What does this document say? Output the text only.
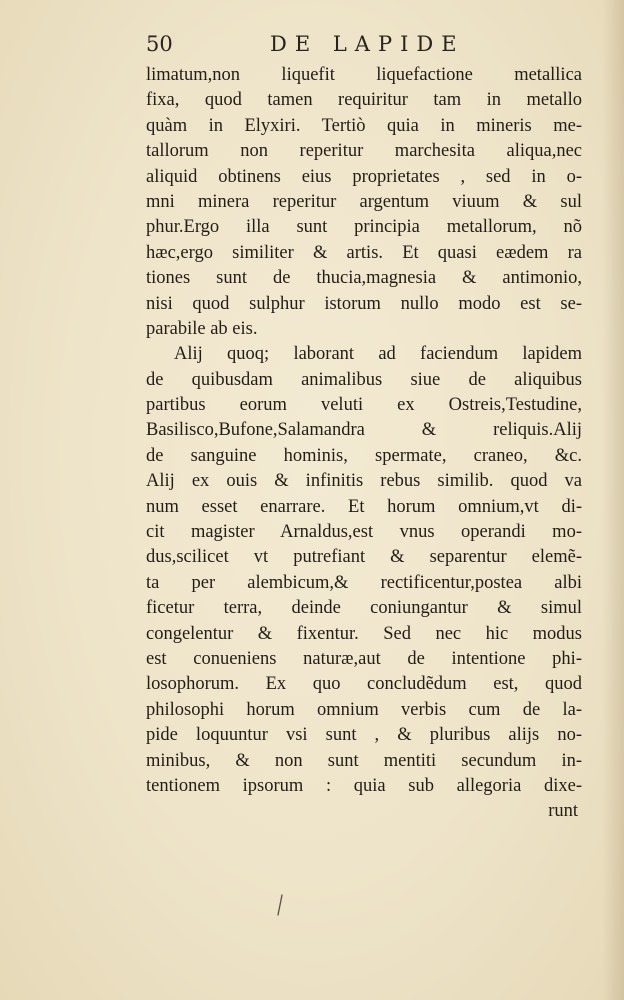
50	DE LAPIDE
limatum,non liquefit liquefactione metallica
fixa, quod tamen requiritur tam in metallo
quàm in Elyxiri. Tertiò quia in mineris me-
tallorum non reperitur marchesita aliqua,nec
aliquid obtinens eius proprietates , sed in o-
mni minera reperitur argentum viuum & sul
phur.Ergo illa sunt principia metallorum, nõ
hæc,ergo similiter & artis. Et quasi eædem ra
tiones sunt de thucia,magnesia & antimonio,
nisi quod sulphur istorum nullo modo est se-
parabile ab eis.
Alij quoq; laborant ad faciendum lapidem
de quibusdam animalibus siue de aliquibus
partibus eorum veluti ex Ostreis,Testudine,
Basilisco,Bufone,Salamandra & reliquis.Alij
de sanguine hominis, spermate, craneo, &c.
Alij ex ouis & infinitis rebus similib. quod va
num esset enarrare. Et horum omnium,vt di-
cit magister Arnaldus,est vnus operandi mo-
dus,scilicet vt putrefiant & separentur elemẽ-
ta per alembicum,& rectificentur,postea albi
ficetur terra, deinde coniungantur & simul
congelentur & fixentur. Sed nec hic modus
est conueniens naturæ,aut de intentione phi-
losophorum. Ex quo concludẽdum est, quod
philosophi horum omnium verbis cum de la-
pide loquuntur vsi sunt , & pluribus alijs no-
minibus, & non sunt mentiti secundum in-
tentionem ipsorum : quia sub allegoria dixe-
runt
